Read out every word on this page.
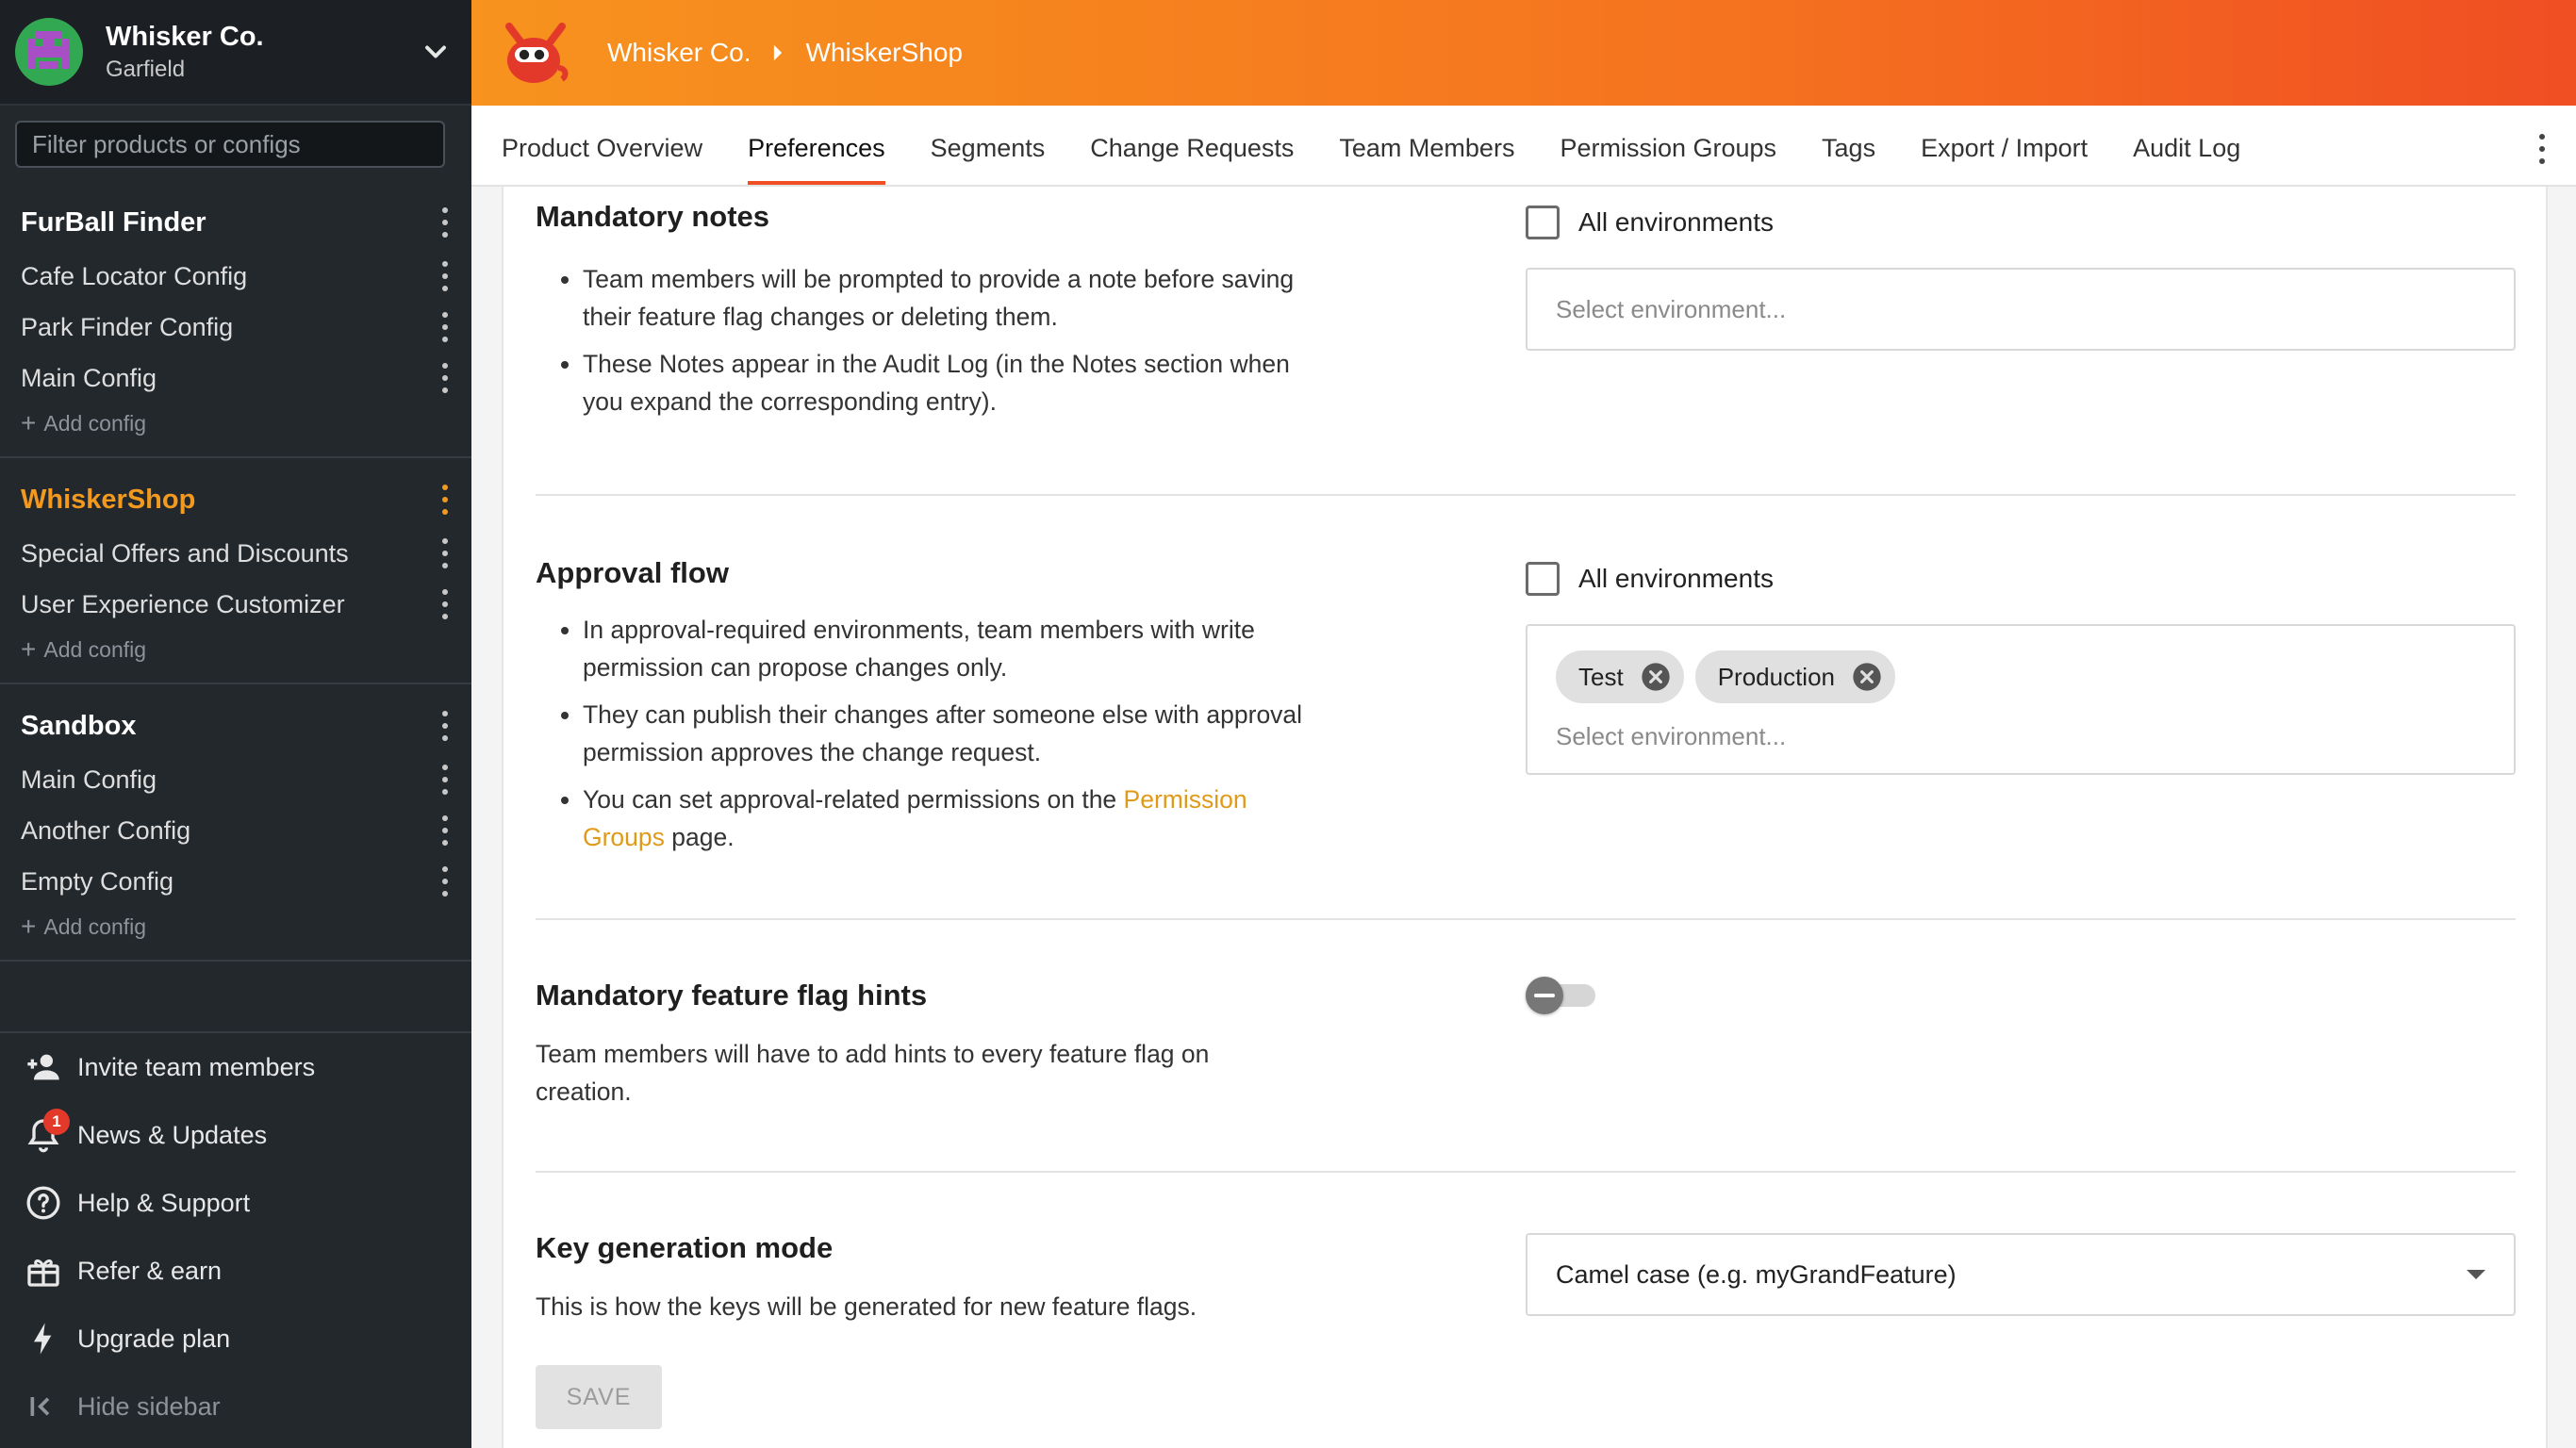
Whisker Co.
Garfield
Filter products or configs
FurBall Finder
Cafe Locator Config
Park Finder Config
Main Config
+ Add config
WhiskerShop
Special Offers and Discounts
User Experience Customizer
+ Add config
Sandbox
Main Config
Another Config
Empty Config
+ Add config
Invite team members
1 News & Updates
Help & Support
Refer & earn
Upgrade plan
Hide sidebar
Whisker Co. WhiskerShop
Product Overview	Preferences	Segments	Change Requests	Team Members	Permission Groups	Tags	Export / Import	Audit Log
Mandatory notes
• Team members will be prompted to provide a note before saving their feature flag changes or deleting them.
• These Notes appear in the Audit Log (in the Notes section when you expand the corresponding entry).
All environments
Select environment...
Approval flow
• In approval-required environments, team members with write permission can propose changes only.
• They can publish their changes after someone else with approval permission approves the change request.
• You can set approval-related permissions on the Permission Groups page.
All environments
Test	Production
Select environment...
Mandatory feature flag hints
Team members will have to add hints to every feature flag on creation.
Key generation mode
This is how the keys will be generated for new feature flags.
Camel case (e.g. myGrandFeature)
SAVE
